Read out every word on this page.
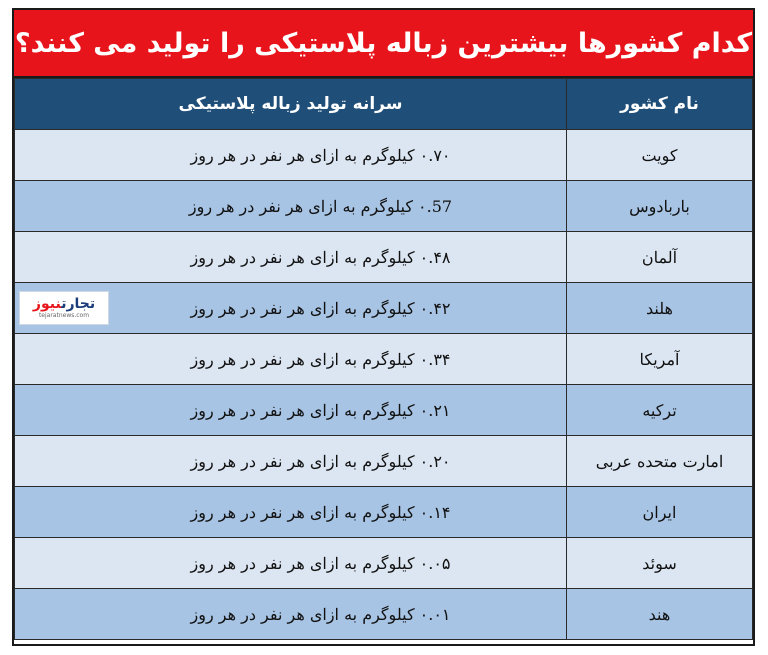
کدام کشورها بیشترین زباله پلاستیکی را تولید می کنند؟
نام کشور	سرانه تولید زباله پلاستیکی
کویت	۰.۷۰ کیلوگرم به ازای هر نفر در هر روز
باربادوس	۰.57 کیلوگرم به ازای هر نفر در هر روز
آلمان	۰.۴۸ کیلوگرم به ازای هر نفر در هر روز
هلند	۰.۴۲ کیلوگرم به ازای هر نفر در هر روز
تجارتنیوز
tejaratnews.com

آمریکا	۰.۳۴ کیلوگرم به ازای هر نفر در هر روز
ترکیه	۰.۲۱ کیلوگرم به ازای هر نفر در هر روز
امارت متحده عربی	۰.۲۰ کیلوگرم به ازای هر نفر در هر روز
ایران	۰.۱۴ کیلوگرم به ازای هر نفر در هر روز
سوئد	۰.۰۵ کیلوگرم به ازای هر نفر در هر روز
هند	۰.۰۱ کیلوگرم به ازای هر نفر در هر روز
